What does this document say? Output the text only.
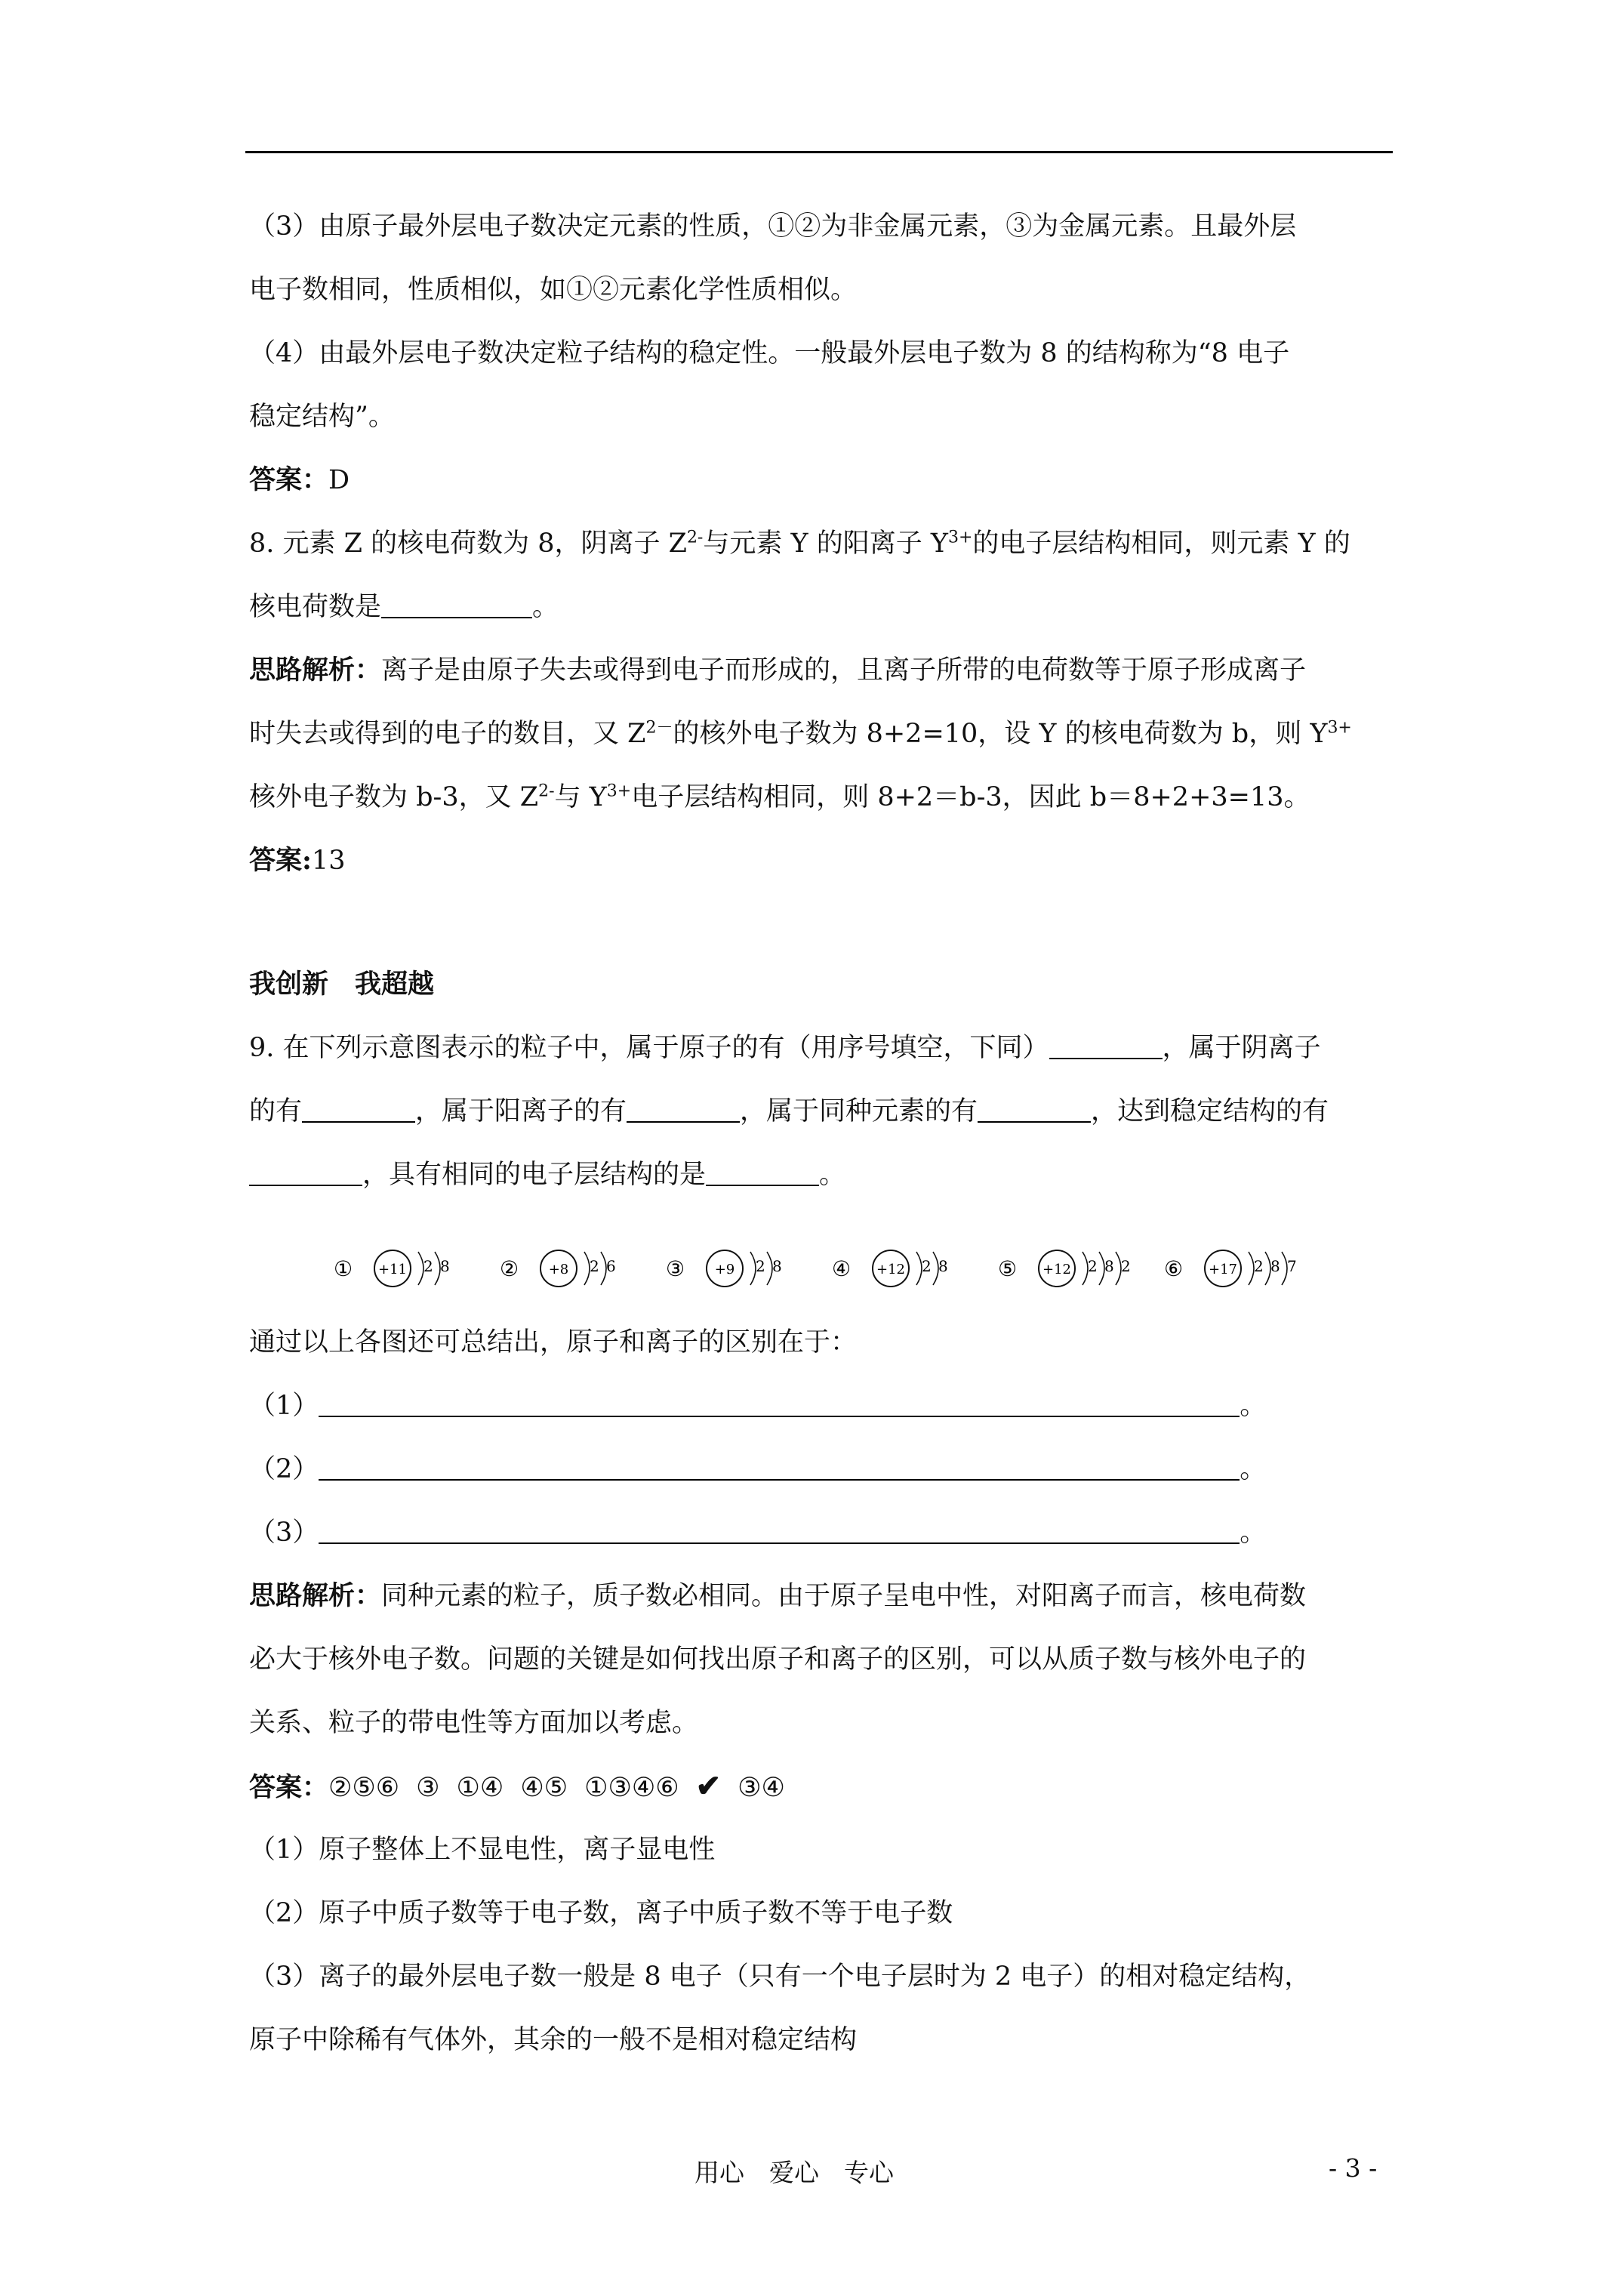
（3）由原子最外层电子数决定元素的性质，①②为非金属元素，③为金属元素。且最外层
电子数相同，性质相似，如①②元素化学性质相似。
（4）由最外层电子数决定粒子结构的稳定性。一般最外层电子数为 8 的结构称为“8 电子
稳定结构”。
答案：D
8. 元素 Z 的核电荷数为 8，阴离子 $Z^{2-}$与元素 Y 的阳离子 $Y^{3+}$的电子层结构相同，则元素 Y 的
核电荷数是	。
思路解析：离子是由原子失去或得到电子而形成的，且离子所带的电荷数等于原子形成离子
时失去或得到的电子的数目，又 $Z^{2-}$的核外电子数为 8+2=10，设 Y 的核电荷数为 b，则 $Y^{3+}$
核外电子数为 b-3，又 $Z^{2-}$与 $Y^{3+}$电子层结构相同，则 8+2＝b-3，因此 b＝8+2+3=13。
答案:13
我创新　我超越
9. 在下列示意图表示的粒子中，属于原子的有（用序号填空，下同）	，属于阴离子
的有	，属于阳离子的有	，属于同种元素的有	，达到稳定结构的有
，具有相同的电子层结构的是	。
① +11 2 8 ② +8 2 6 ③ +9 2 8 ④ +12 2 8 ⑤ +12 2 8 2 ⑥ +17 2 8 7
通过以上各图还可总结出，原子和离子的区别在于：
（1）	。
（2）	。
（3）	。
思路解析：同种元素的粒子，质子数必相同。由于原子呈电中性，对阳离子而言，核电荷数
必大于核外电子数。问题的关键是如何找出原子和离子的区别，可以从质子数与核外电子的
关系、粒子的带电性等方面加以考虑。
答案：②⑤⑥ ③ ①④ ④⑤ ①③④⑥ ✔ ③④
（1）原子整体上不显电性，离子显电性
（2）原子中质子数等于电子数，离子中质子数不等于电子数
（3）离子的最外层电子数一般是 8 电子（只有一个电子层时为 2 电子）的相对稳定结构，
原子中除稀有气体外，其余的一般不是相对稳定结构
用心　爱心　专心	- 3 -
